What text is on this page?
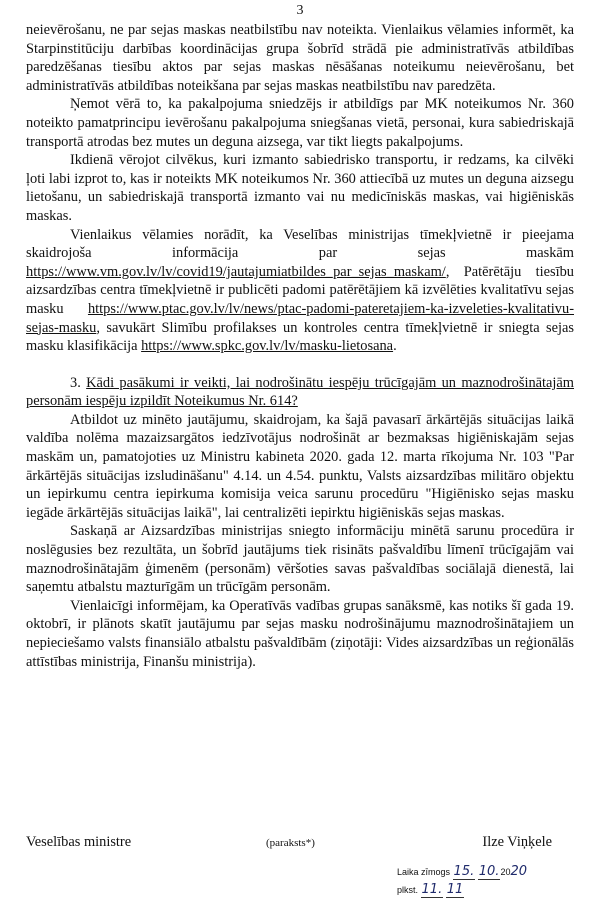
3

neievērošanu, ne par sejas maskas neatbilstību nav noteikta. Vienlaikus vēlamies informēt, ka Starpinstitūciju darbības koordinācijas grupa šobrīd strādā pie administratīvās atbildības paredzēšanas tiesību aktos par sejas maskas nēsāšanas noteikumu neievērošanu, bet administratīvās atbildības noteikšana par sejas maskas neatbilstību nav paredzēta.

Ņemot vērā to, ka pakalpojuma sniedzējs ir atbildīgs par MK noteikumos Nr. 360 noteikto pamatprincipu ievērošanu pakalpojuma sniegšanas vietā, personai, kura sabiedriskajā transportā atrodas bez mutes un deguna aizsega, var tikt liegts pakalpojums.

Ikdienā vērojot cilvēkus, kuri izmanto sabiedrisko transportu, ir redzams, ka cilvēki ļoti labi izprot to, kas ir noteikts MK noteikumos Nr. 360 attiecībā uz mutes un deguna aizsegu lietošanu, un sabiedriskajā transportā izmanto vai nu medicīniskās maskas, vai higiēniskās maskas.

Vienlaikus vēlamies norādīt, ka Veselības ministrijas tīmekļvietnē ir pieejama skaidrojoša informācija par sejas maskām https://www.vm.gov.lv/lv/covid19/jautajumiatbildes_par_sejas_maskam/, Patērētāju tiesību aizsardzības centra tīmekļvietnē ir publicēti padomi patērētājiem kā izvēlēties kvalitatīvu sejas masku https://www.ptac.gov.lv/lv/news/ptac-padomi-pateretajiem-ka-izveleties-kvalitativu-sejas-masku, savukārt Slimību profilakses un kontroles centra tīmekļvietnē ir sniegta sejas masku klasifikācija https://www.spkc.gov.lv/lv/masku-lietosana.

3. Kādi pasākumi ir veikti, lai nodrošinātu iespēju trūcīgajām un maznodrošinātajām personām iespēju izpildīt Noteikumus Nr. 614?

Atbildot uz minēto jautājumu, skaidrojam, ka šajā pavasarī ārkārtējās situācijas laikā valdība nolēma mazaizsargātos iedzīvotājus nodrošināt ar bezmaksas higiēniskajām sejas maskām un, pamatojoties uz Ministru kabineta 2020. gada 12. marta rīkojuma Nr. 103 "Par ārkārtējās situācijas izsludināšanu" 4.14. un 4.54. punktu, Valsts aizsardzības militāro objektu un iepirkumu centra iepirkuma komisija veica sarunu procedūru "Higiēnisko sejas masku iegāde ārkārtējās situācijas laikā", lai centralizēti iepirktu higiēniskās sejas maskas.

Saskaņā ar Aizsardzības ministrijas sniegto informāciju minētā sarunu procedūra ir noslēgusies bez rezultāta, un šobrīd jautājums tiek risināts pašvaldību līmenī trūcīgajām vai maznodrošinātajām ģimenēm (personām) vēršoties savas pašvaldības sociālajā dienestā, lai saņemtu atbalstu mazturīgām un trūcīgām personām.

Vienlaicīgi informējam, ka Operatīvās vadības grupas sanāksmē, kas notiks šī gada 19. oktobrī, ir plānots skatīt jautājumu par sejas masku nodrošinājumu maznodrošinātajiem un nepieciešamo valsts finansiālo atbalstu pašvaldībām (ziņotāji: Vides aizsardzības un reģionālās attīstības ministrija, Finanšu ministrija).

Veselības ministre	(paraksts*)	Ilze Viņķele
Laika zīmogs 15. 10.2020
plkst. 11. 11
